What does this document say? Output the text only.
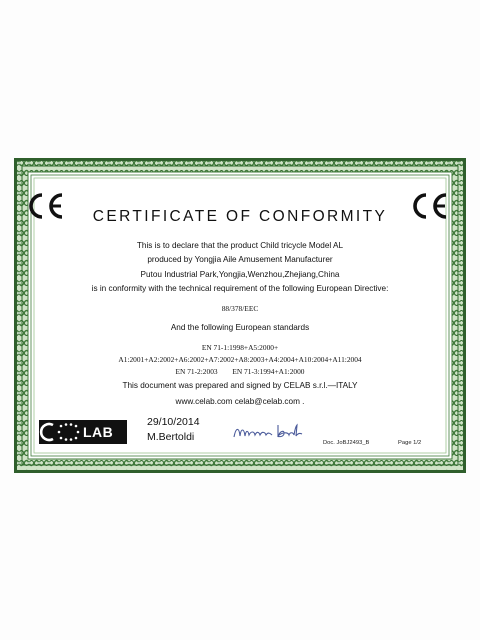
CERTIFICATE OF CONFORMITY
This is to declare that the product Child tricycle Model AL
produced by Yongjia Aile Amusement Manufacturer
Putou Industrial Park,Yongjia,Wenzhou,Zhejiang,China
is in conformity with the technical requirement of the following European Directive:
88/378/EEC
And the following European standards
EN 71-1:1998+A5:2000+
A1:2001+A2:2002+A6:2002+A7:2002+A8:2003+A4:2004+A10:2004+A11:2004
EN 71-2:2003        EN 71-3:1994+A1:2000
This document was prepared and signed by CELAB s.r.l.—ITALY
www.celab.com celab@celab.com .
LAB
29/10/2014
M.Bertoldi	Doc. JoBJ2493_B	Page 1/2
